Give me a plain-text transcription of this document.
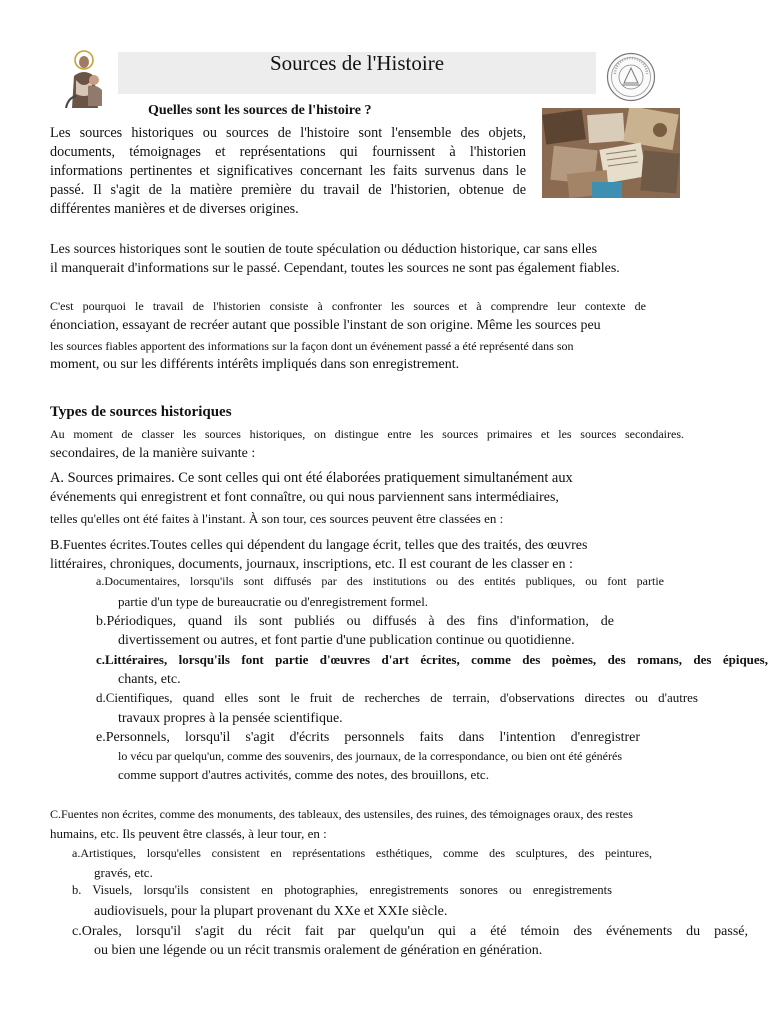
Sources de l'Histoire
Quelles sont les sources de l'histoire ?
Les sources historiques ou sources de l'histoire sont l'ensemble des objets,
documents, témoignages et représentations qui fournissent à l'historien
informations pertinentes et significatives concernant les faits survenus dans le
passé. Il s'agit de la matière première du travail de l'historien, obtenue de
différentes manières et de diverses origines.
Les sources historiques sont le soutien de toute spéculation ou déduction historique, car sans elles
il manquerait d'informations sur le passé. Cependant, toutes les sources ne sont pas également fiables.
C'est pourquoi le travail de l'historien consiste à confronter les sources et à comprendre leur contexte de
énonciation, essayant de recréer autant que possible l'instant de son origine. Même les sources peu
les sources fiables apportent des informations sur la façon dont un événement passé a été représenté dans son
moment, ou sur les différents intérêts impliqués dans son enregistrement.
Types de sources historiques
Au moment de classer les sources historiques, on distingue entre les sources primaires et les sources secondaires.
secondaires, de la manière suivante :
A. Sources primaires. Ce sont celles qui ont été élaborées pratiquement simultanément aux
événements qui enregistrent et font connaître, ou qui nous parviennent sans intermédiaires,
telles qu'elles ont été faites à l'instant. À son tour, ces sources peuvent être classées en :
B.Fuentes écrites.Toutes celles qui dépendent du langage écrit, telles que des traités, des œuvres
littéraires, chroniques, documents, journaux, inscriptions, etc. Il est courant de les classer en :
a.Documentaires, lorsqu'ils sont diffusés par des institutions ou des entités publiques, ou font partie
partie d'un type de bureaucratie ou d'enregistrement formel.
b.Périodiques, quand ils sont publiés ou diffusés à des fins d'information, de
divertissement ou autres, et font partie d'une publication continue ou quotidienne.
c.Littéraires, lorsqu'ils font partie d'œuvres d'art écrites, comme des poèmes, des romans, des épiques,
chants, etc.
d.Cientifiques, quand elles sont le fruit de recherches de terrain, d'observations directes ou d'autres
travaux propres à la pensée scientifique.
e.Personnels, lorsqu'il s'agit d'écrits personnels faits dans l'intention d'enregistrer
lo vécu par quelqu'un, comme des souvenirs, des journaux, de la correspondance, ou bien ont été générés
comme support d'autres activités, comme des notes, des brouillons, etc.
C.Fuentes non écrites, comme des monuments, des tableaux, des ustensiles, des ruines, des témoignages oraux, des restes
humains, etc. Ils peuvent être classés, à leur tour, en :
a.Artistiques, lorsqu'elles consistent en représentations esthétiques, comme des sculptures, des peintures,
gravés, etc.
b. Visuels, lorsqu'ils consistent en photographies, enregistrements sonores ou enregistrements
audiovisuels, pour la plupart provenant du XXe et XXIe siècle.
c.Orales, lorsqu'il s'agit du récit fait par quelqu'un qui a été témoin des événements du passé,
ou bien une légende ou un récit transmis oralement de génération en génération.
